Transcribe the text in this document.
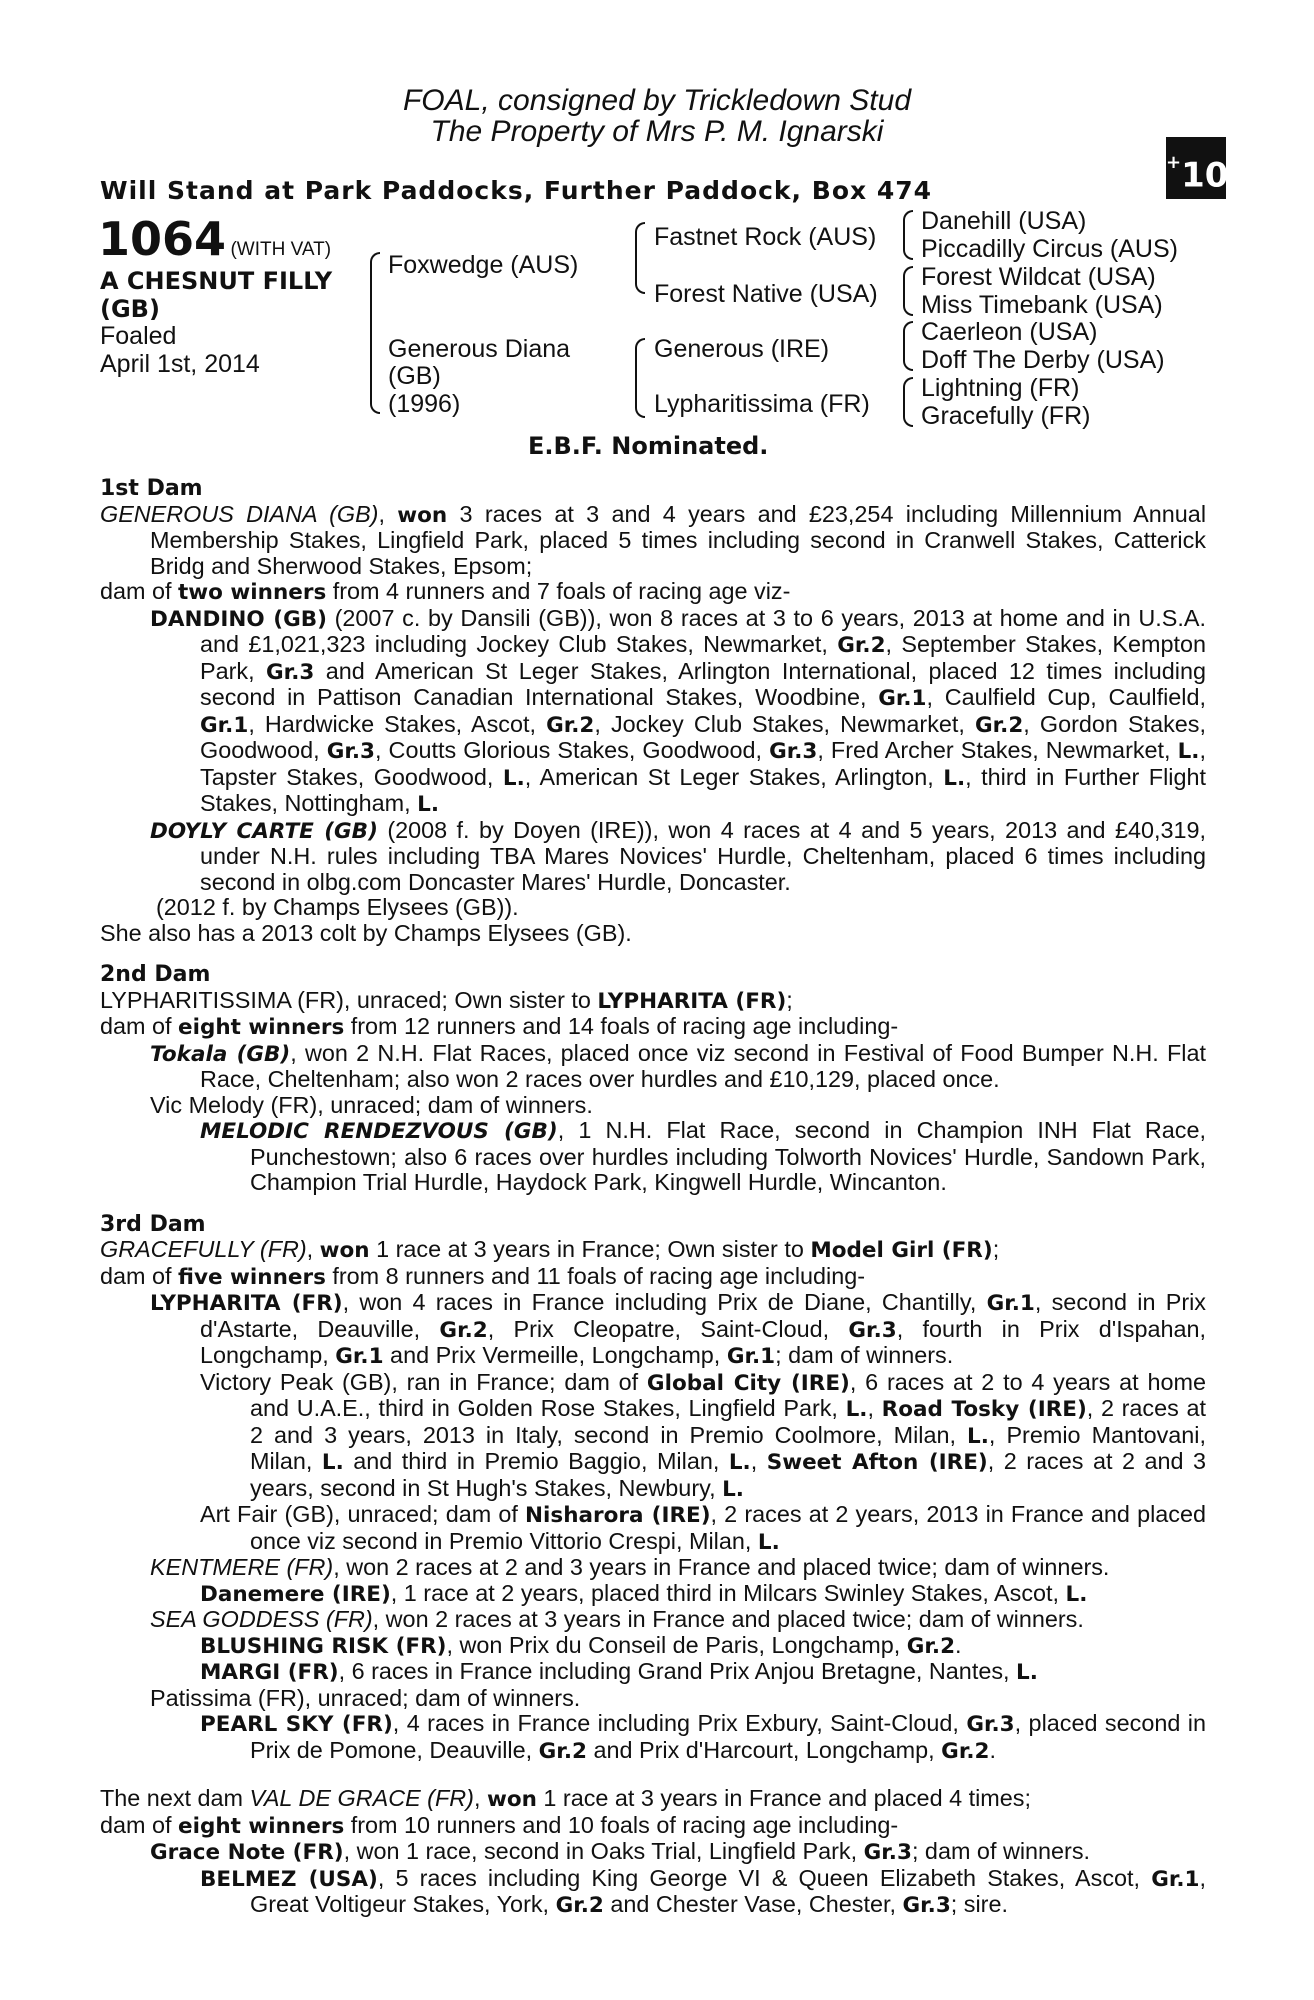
FOAL, consigned by Trickledown Stud
The Property of Mrs P. M. Ignarski
Will Stand at Park Paddocks, Further Paddock, Box 474
+10
1064 (WITH VAT)
A CHESNUT FILLY
(GB)
Foaled
April 1st, 2014
Foxwedge (AUS)
Generous Diana
(GB)
(1996)
Fastnet Rock (AUS)
Forest Native (USA)
Generous (IRE)
Lypharitissima (FR)
Danehill (USA)
Piccadilly Circus (AUS)
Forest Wildcat (USA)
Miss Timebank (USA)
Caerleon (USA)
Doff The Derby (USA)
Lightning (FR)
Gracefully (FR)
E.B.F. Nominated.
1st Dam

GENEROUS DIANA (GB), won 3 races at 3 and 4 years and £23,254 including Millennium Annual Membership Stakes, Lingfield Park, placed 5 times including second in Cranwell Stakes, Catterick Bridg and Sherwood Stakes, Epsom;

dam of two winners from 4 runners and 7 foals of racing age viz-

DANDINO (GB) (2007 c. by Dansili (GB)), won 8 races at 3 to 6 years, 2013 at home and in U.S.A. and £1,021,323 including Jockey Club Stakes, Newmarket, Gr.2, September Stakes, Kempton Park, Gr.3 and American St Leger Stakes, Arlington International, placed 12 times including second in Pattison Canadian International Stakes, Woodbine, Gr.1, Caulfield Cup, Caulfield, Gr.1, Hardwicke Stakes, Ascot, Gr.2, Jockey Club Stakes, Newmarket, Gr.2, Gordon Stakes, Goodwood, Gr.3, Coutts Glorious Stakes, Goodwood, Gr.3, Fred Archer Stakes, Newmarket, L., Tapster Stakes, Goodwood, L., American St Leger Stakes, Arlington, L., third in Further Flight Stakes, Nottingham, L.

DOYLY CARTE (GB) (2008 f. by Doyen (IRE)), won 4 races at 4 and 5 years, 2013 and £40,319, under N.H. rules including TBA Mares Novices' Hurdle, Cheltenham, placed 6 times including second in olbg.com Doncaster Mares' Hurdle, Doncaster.

(2012 f. by Champs Elysees (GB)).

She also has a 2013 colt by Champs Elysees (GB).

2nd Dam

LYPHARITISSIMA (FR), unraced; Own sister to LYPHARITA (FR);

dam of eight winners from 12 runners and 14 foals of racing age including-

Tokala (GB), won 2 N.H. Flat Races, placed once viz second in Festival of Food Bumper N.H. Flat Race, Cheltenham; also won 2 races over hurdles and £10,129, placed once.

Vic Melody (FR), unraced; dam of winners.

MELODIC RENDEZVOUS (GB), 1 N.H. Flat Race, second in Champion INH Flat Race, Punchestown; also 6 races over hurdles including Tolworth Novices' Hurdle, Sandown Park, Champion Trial Hurdle, Haydock Park, Kingwell Hurdle, Wincanton.

3rd Dam

GRACEFULLY (FR), won 1 race at 3 years in France; Own sister to Model Girl (FR);

dam of five winners from 8 runners and 11 foals of racing age including-

LYPHARITA (FR), won 4 races in France including Prix de Diane, Chantilly, Gr.1, second in Prix d'Astarte, Deauville, Gr.2, Prix Cleopatre, Saint-Cloud, Gr.3, fourth in Prix d'Ispahan, Longchamp, Gr.1 and Prix Vermeille, Longchamp, Gr.1; dam of winners.

Victory Peak (GB), ran in France; dam of Global City (IRE), 6 races at 2 to 4 years at home and U.A.E., third in Golden Rose Stakes, Lingfield Park, L., Road Tosky (IRE), 2 races at 2 and 3 years, 2013 in Italy, second in Premio Coolmore, Milan, L., Premio Mantovani, Milan, L. and third in Premio Baggio, Milan, L., Sweet Afton (IRE), 2 races at 2 and 3 years, second in St Hugh's Stakes, Newbury, L.

Art Fair (GB), unraced; dam of Nisharora (IRE), 2 races at 2 years, 2013 in France and placed once viz second in Premio Vittorio Crespi, Milan, L.

KENTMERE (FR), won 2 races at 2 and 3 years in France and placed twice; dam of winners.

Danemere (IRE), 1 race at 2 years, placed third in Milcars Swinley Stakes, Ascot, L.

SEA GODDESS (FR), won 2 races at 3 years in France and placed twice; dam of winners.

BLUSHING RISK (FR), won Prix du Conseil de Paris, Longchamp, Gr.2.

MARGI (FR), 6 races in France including Grand Prix Anjou Bretagne, Nantes, L.

Patissima (FR), unraced; dam of winners.

PEARL SKY (FR), 4 races in France including Prix Exbury, Saint-Cloud, Gr.3, placed second in Prix de Pomone, Deauville, Gr.2 and Prix d'Harcourt, Longchamp, Gr.2.

The next dam VAL DE GRACE (FR), won 1 race at 3 years in France and placed 4 times;

dam of eight winners from 10 runners and 10 foals of racing age including-

Grace Note (FR), won 1 race, second in Oaks Trial, Lingfield Park, Gr.3; dam of winners.

BELMEZ (USA), 5 races including King George VI & Queen Elizabeth Stakes, Ascot, Gr.1, Great Voltigeur Stakes, York, Gr.2 and Chester Vase, Chester, Gr.3; sire.
